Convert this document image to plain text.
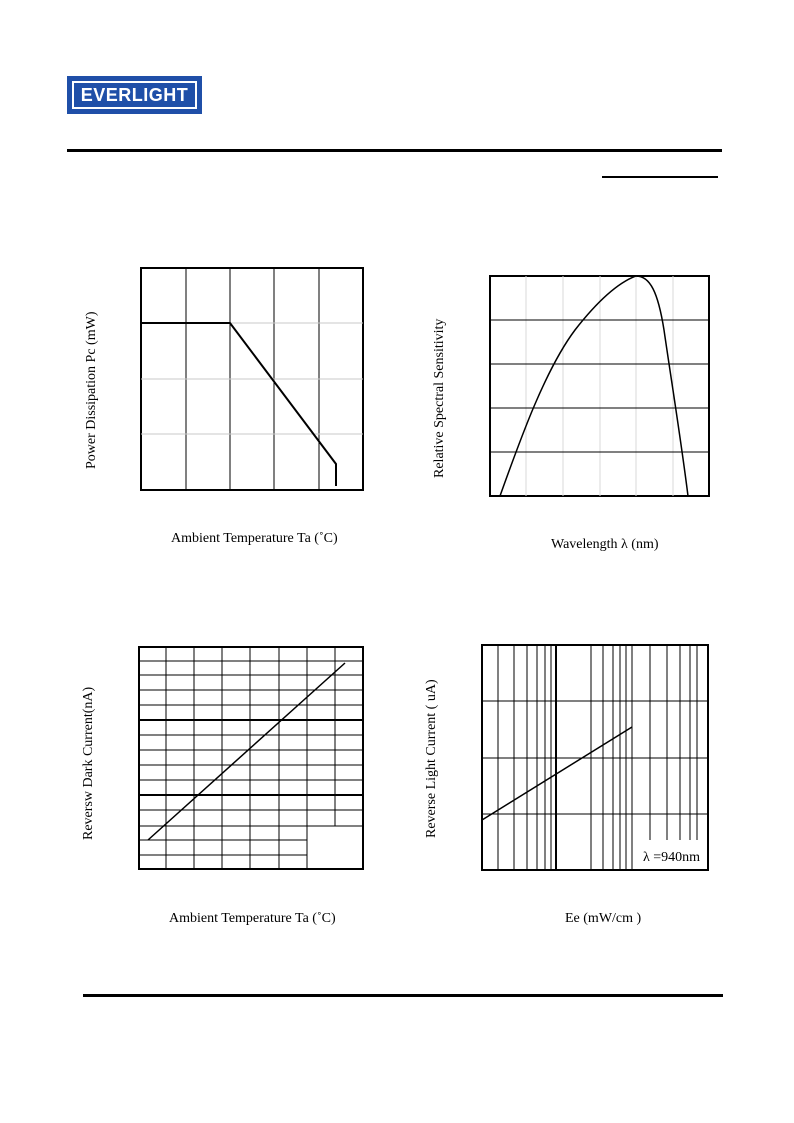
EVERLIGHT
Power Dissipation Pc (mW)
Ambient Temperature Ta (˚C)
Relative Spectral Sensitivity
Wavelength λ (nm)
Reversw Dark Current(nA)
Ambient Temperature Ta (˚C)
λ =940nm
Reverse Light Current ( uA)
Ee (mW/cm )
